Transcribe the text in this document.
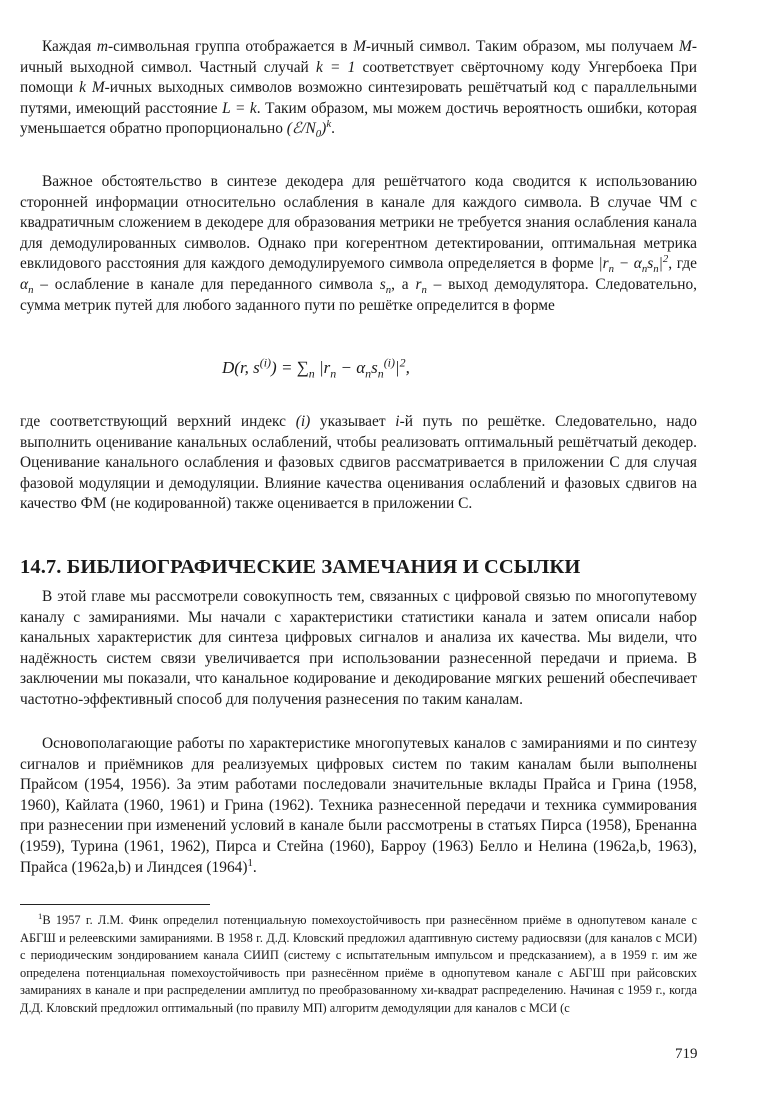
Каждая m-символьная группа отображается в M-ичный символ. Таким образом, мы получаем M-ичный выходной символ. Частный случай k = 1 соответствует свёрточному коду Унгербоека При помощи k M-ичных выходных символов возможно синтезировать решётчатый код с параллельными путями, имеющий расстояние L = k. Таким образом, мы можем достичь вероятность ошибки, которая уменьшается обратно пропорционально $(ℰ/N_0)^k$.

Важное обстоятельство в синтезе декодера для решётчатого кода сводится к использованию сторонней информации относительно ослабления в канале для каждого символа. В случае ЧМ с квадратичным сложением в декодере для образования метрики не требуется знания ослабления канала для демодулированных символов. Однако при когерентном детектировании, оптимальная метрика евклидового расстояния для каждого демодулируемого символа определяется в форме $|r_n - \alpha_ns_n|^2$, где $\alpha_n$ – ослабление в канале для переданного символа $s_n$, а $r_n$ – выход демодулятора. Следовательно, сумма метрик путей для любого заданного пути по решётке определится в форме

D(r, $s^{(i)}) = \sum_n$ $|r_n - \alpha_ns_n^{(i)}|^2$,

где соответствующий верхний индекс (i) указывает i-й путь по решётке. Следовательно, надо выполнить оценивание канальных ослаблений, чтобы реализовать оптимальный решётчатый декодер. Оценивание канального ослабления и фазовых сдвигов рассматривается в приложении С для случая фазовой модуляции и демодуляции. Влияние качества оценивания ослаблений и фазовых сдвигов на качество ФМ (не кодированной) также оценивается в приложении С.

14.7. БИБЛИОГРАФИЧЕСКИЕ ЗАМЕЧАНИЯ И ССЫЛКИ

В этой главе мы рассмотрели совокупность тем, связанных с цифровой связью по многопутевому каналу с замираниями. Мы начали с характеристики статистики канала и затем описали набор канальных характеристик для синтеза цифровых сигналов и анализа их качества. Мы видели, что надёжность систем связи увеличивается при использовании разнесенной передачи и приема. В заключении мы показали, что канальное кодирование и декодирование мягких решений обеспечивает частотно-эффективный способ для получения разнесения по таким каналам.

Основополагающие работы по характеристике многопутевых каналов с замираниями и по синтезу сигналов и приёмников для реализуемых цифровых систем по таким каналам были выполнены Прайсом (1954, 1956). За этим работами последовали значительные вклады Прайса и Грина (1958, 1960), Кайлата (1960, 1961) и Грина (1962). Техника разнесенной передачи и техника суммирования при разнесении при изменений условий в канале были рассмотрены в статьях Пирса (1958), Бренанна (1959), Турина (1961, 1962), Пирса и Стейна (1960), Барроу (1963) Белло и Нелина (1962a,b, 1963), Прайса (1962a,b) и Линдсея (1964)$^1$.

$^1$В 1957 г. Л.М. Финк определил потенциальную помехоустойчивость при разнесённом приёме в однопутевом канале с АБГШ и релеевскими замираниями. В 1958 г. Д.Д. Кловский предложил адаптивную систему радиосвязи (для каналов с МСИ) с периодическим зондированием канала СИИП (систему с испытательным импульсом и предсказанием), а в 1959 г. им же определена потенциальная помехоустойчивость при разнесённом приёме в однопутевом канале с АБГШ при райсовских замираниях в канале и при распределении амплитуд по преобразованному хи-квадрат распределению. Начиная с 1959 г., когда Д.Д. Кловский предложил оптимальный (по правилу МП) алгоритм демодуляции для каналов с МСИ (с

719
